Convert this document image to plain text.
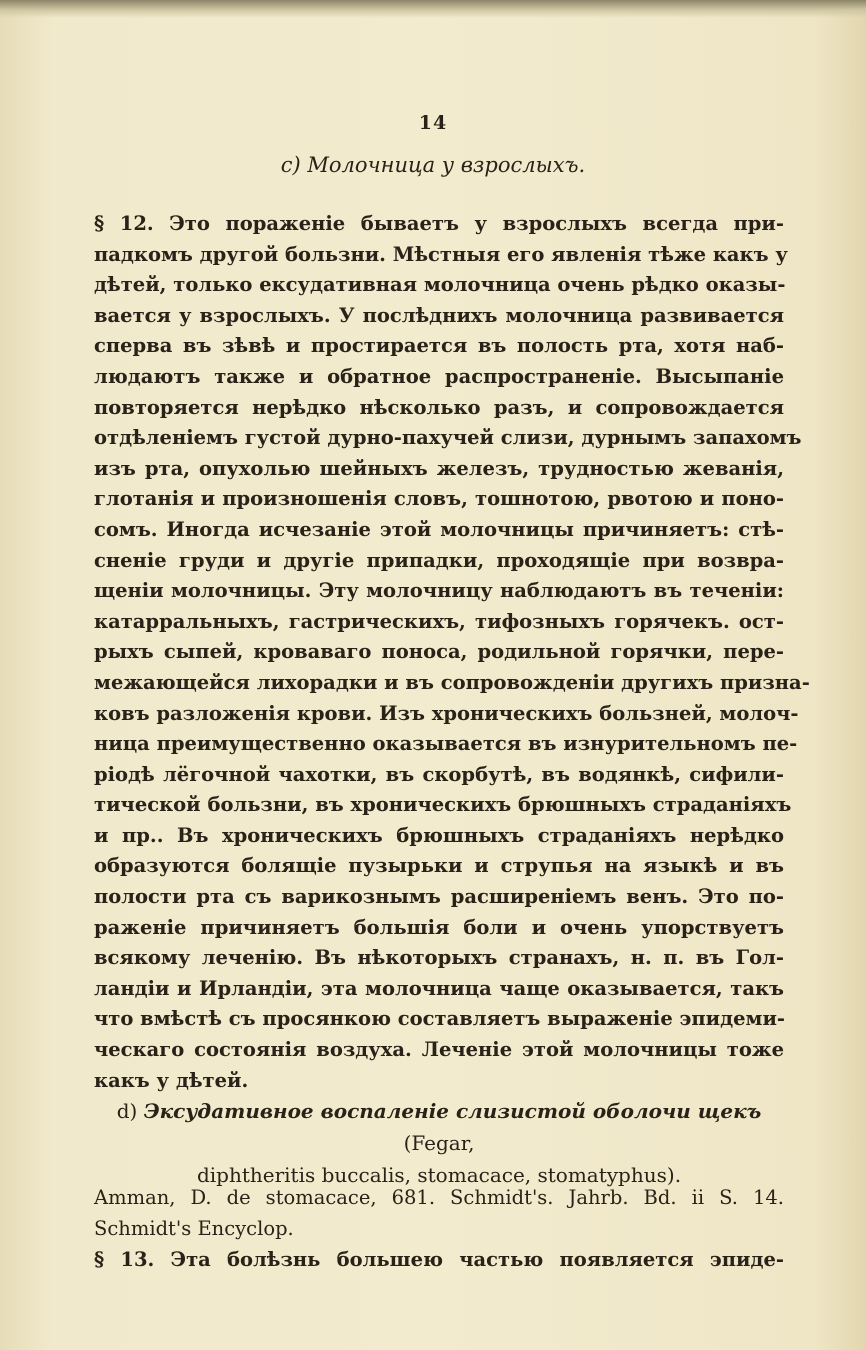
14
c) Молочница у взрослыхъ.
§ 12. Это пораженіе бываетъ у взрослыхъ всегда при-
падкомъ другой бользни. Мѣстныя его явленія тѣже какъ у
дѣтей, только ексудативная молочница очень рѣдко оказы-
вается у взрослыхъ. У послѣднихъ молочница развивается
сперва въ зѣвѣ и простирается въ полость рта, хотя наб-
людаютъ также и обратное распространеніе. Высыпаніе
повторяется нерѣдко нѣсколько разъ, и сопровождается
отдѣленіемъ густой дурно-пахучей слизи, дурнымъ запахомъ
изъ рта, опухолью шейныхъ железъ, трудностью жеванія,
глотанія и произношенія словъ, тошнотою, рвотою и поно-
сомъ. Иногда исчезаніе этой молочницы причиняетъ: стѣ-
сненіе груди и другіе припадки, проходящіе при возвра-
щеніи молочницы. Эту молочницу наблюдаютъ въ теченіи:
катарральныхъ, гастрическихъ, тифозныхъ горячекъ. ост-
рыхъ сыпей, кроваваго поноса, родильной горячки, пере-
межающейся лихорадки и въ сопровожденіи другихъ призна-
ковъ разложенія крови. Изъ хроническихъ бользней, молоч-
ница преимущественно оказывается въ изнурительномъ пе-
ріодѣ лёгочной чахотки, въ скорбутѣ, въ водянкѣ, сифили-
тической бользни, въ хроническихъ брюшныхъ страданіяхъ
и пр.. Въ хроническихъ брюшныхъ страданіяхъ нерѣдко
образуются болящіе пузырьки и струпья на языкѣ и въ
полости рта съ варикознымъ расширеніемъ венъ. Это по-
раженіе причиняетъ большія боли и очень упорствуетъ
всякому леченію. Въ нѣкоторыхъ странахъ, н. п. въ Гол-
ландіи и Ирландіи, эта молочница чаще оказывается, такъ
что вмѣстѣ съ просянкою составляетъ выраженіе эпидеми-
ческаго состоянія воздуха. Леченіе этой молочницы тоже
какъ у дѣтей.
d) Эксудативное воспаленіе слизистой оболочи щекъ (Fegar,
diphtheritis buccalis, stomacace, stomatyphus).
Amman, D. de stomacace, 681. Schmidt's. Jahrb. Bd. ii S. 14.
Schmidt's Encyclop.
§ 13. Эта болѣзнь большею частью появляется эпиде-
